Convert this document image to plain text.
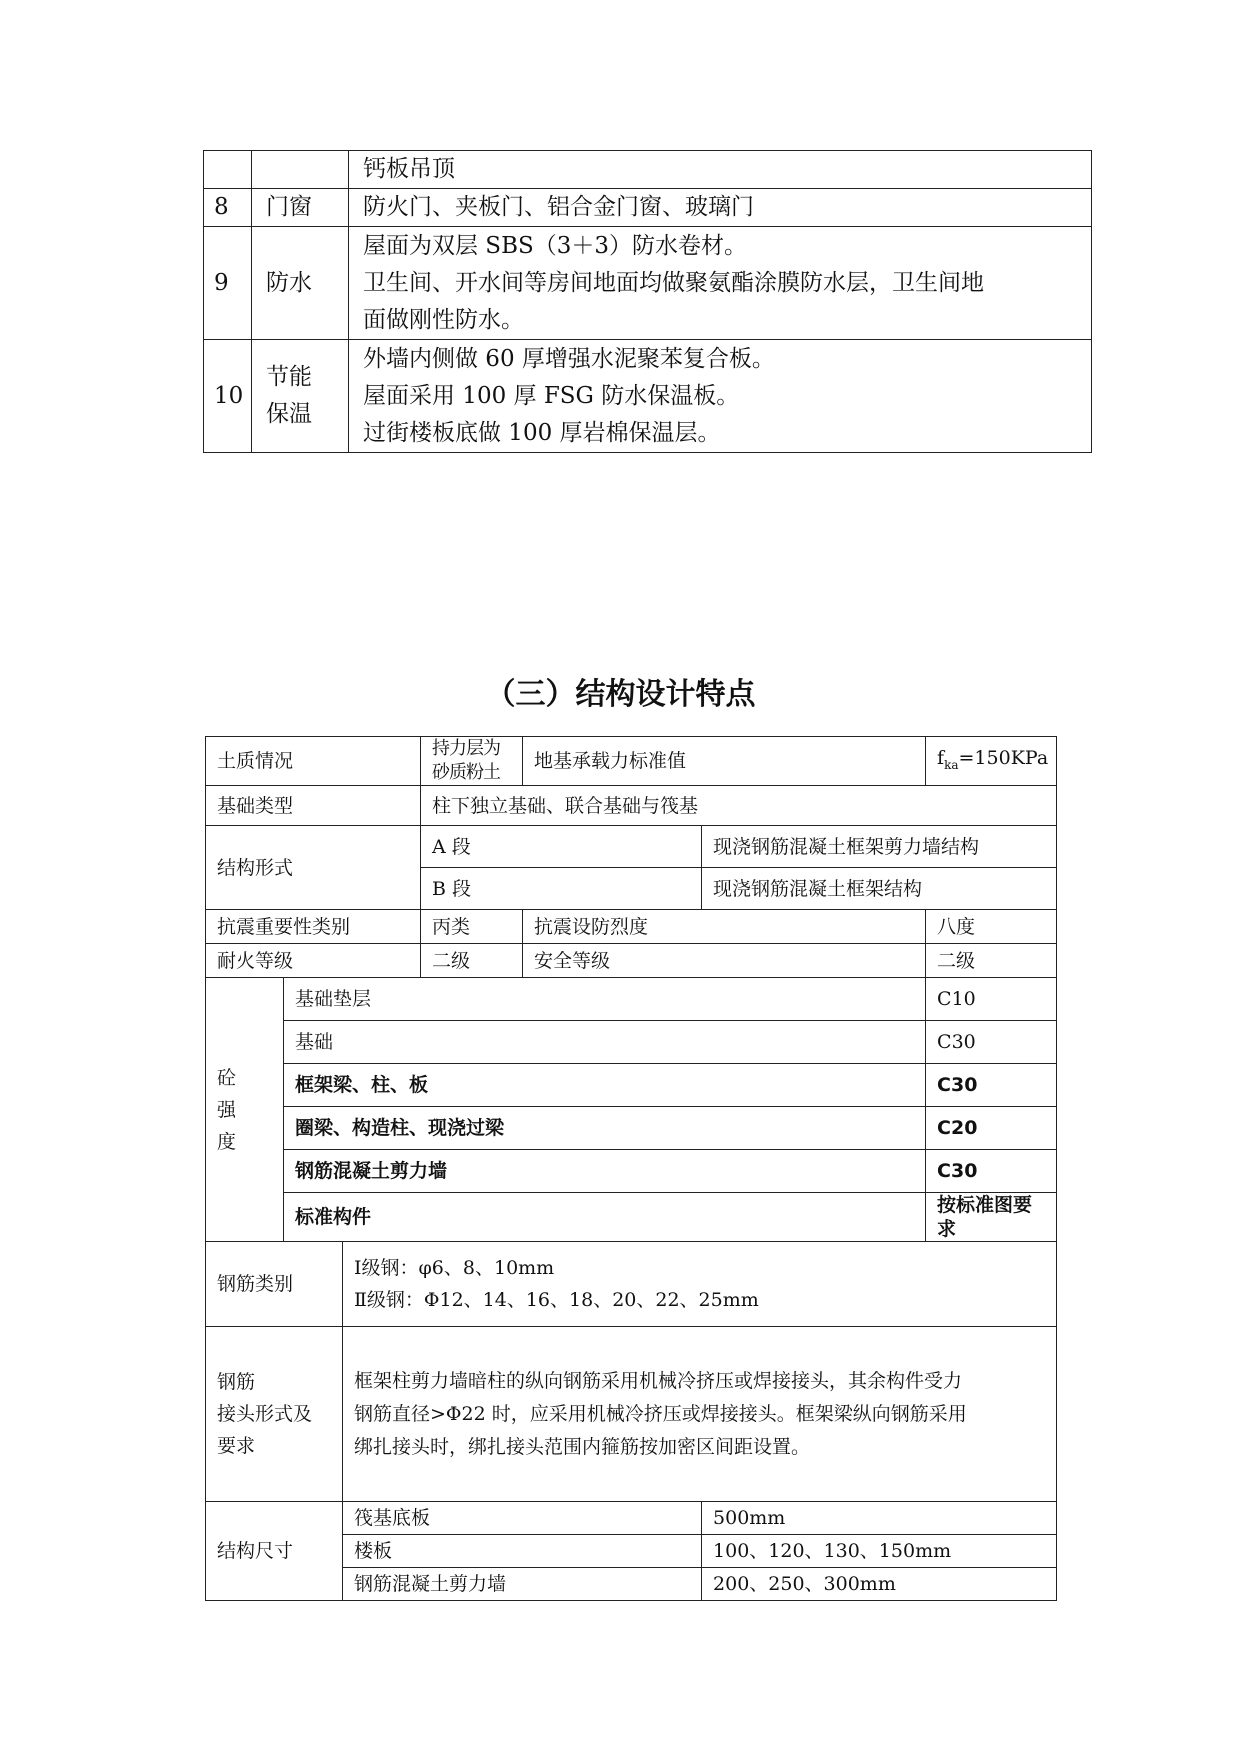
		钙板吊顶

8	门窗	防火门、夹板门、铝合金门窗、玻璃门

9	防水	屋面为双层 SBS（3＋3）防水卷材。
卫生间、开水间等房间地面均做聚氨酯涂膜防水层，卫生间地
面做刚性防水。

10	节能
保温	外墙内侧做 60 厚增强水泥聚苯复合板。
屋面采用 100 厚 FSG 防水保温板。
过街楼板底做 100 厚岩棉保温层。
（三）结构设计特点
土质情况			持力层为砂质粉土	地基承载力标准值		$f_{ka}=150KPa$
基础类型			柱下独立基础、联合基础与筏基			
结构形式			A 段		现浇钢筋混凝土框架剪力墙结构	
			B 段		现浇钢筋混凝土框架结构	
抗震重要性类别			丙类	抗震设防烈度		八度
耐火等级			二级	安全等级		二级

砼
强
度	基础垫层					C10
	基础					C30
	框架梁、柱、板					C30
	圈梁、构造柱、现浇过梁					C20
	钢筋混凝土剪力墙					C30
	标准构件					按标准图要求
钢筋类别		Ⅰ级钢：φ6、8、10mm
Ⅱ级钢：Φ12、14、16、18、20、22、25mm				

钢筋
接头形式及
要求		框架柱剪力墙暗柱的纵向钢筋采用机械冷挤压或焊接接头，其余构件受力
钢筋直径>Φ22 时，应采用机械冷挤压或焊接接头。框架梁纵向钢筋采用
绑扎接头时，绑扎接头范围内箍筋按加密区间距设置。				

结构尺寸		筏基底板			500mm	
		楼板			100、120、130、150mm	
		钢筋混凝土剪力墙			200、250、300mm	
